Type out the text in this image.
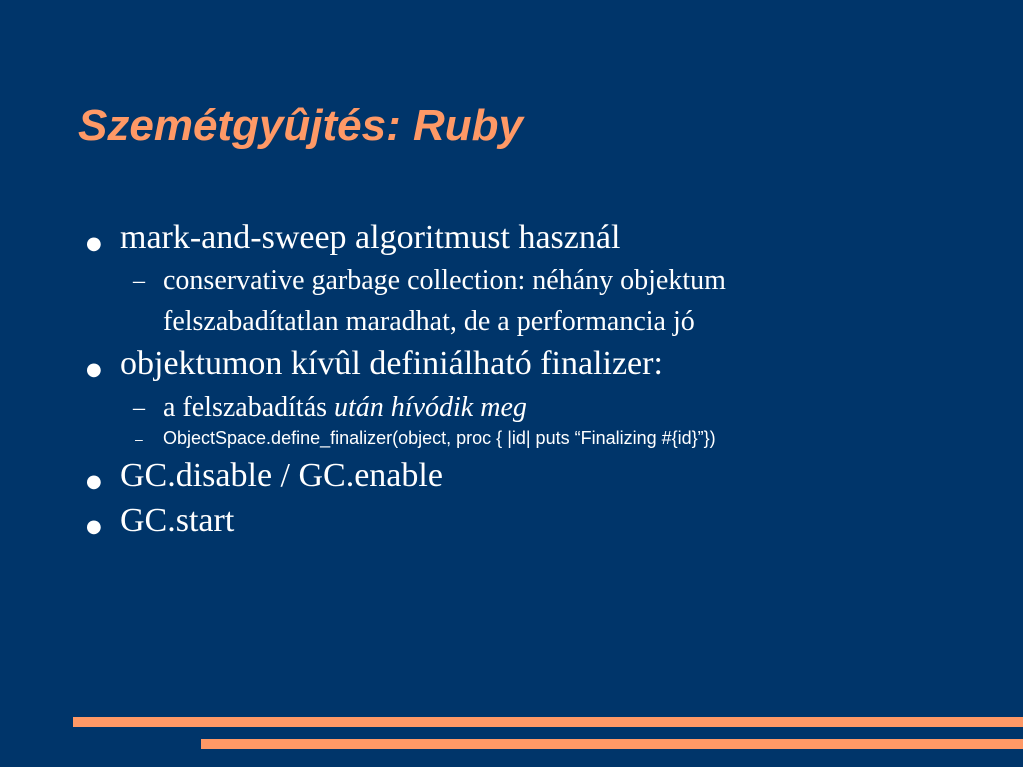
Szemétgyûjtés: Ruby
● mark-and-sweep algoritmust használ
– conservative garbage collection: néhány objektum
felszabadítatlan maradhat, de a performancia jó
● objektumon kívûl definiálható finalizer:
– a felszabadítás után hívódik meg
– ObjectSpace.define_finalizer(object, proc { |id| puts “Finalizing #{id}”})
● GC.disable / GC.enable
● GC.start
